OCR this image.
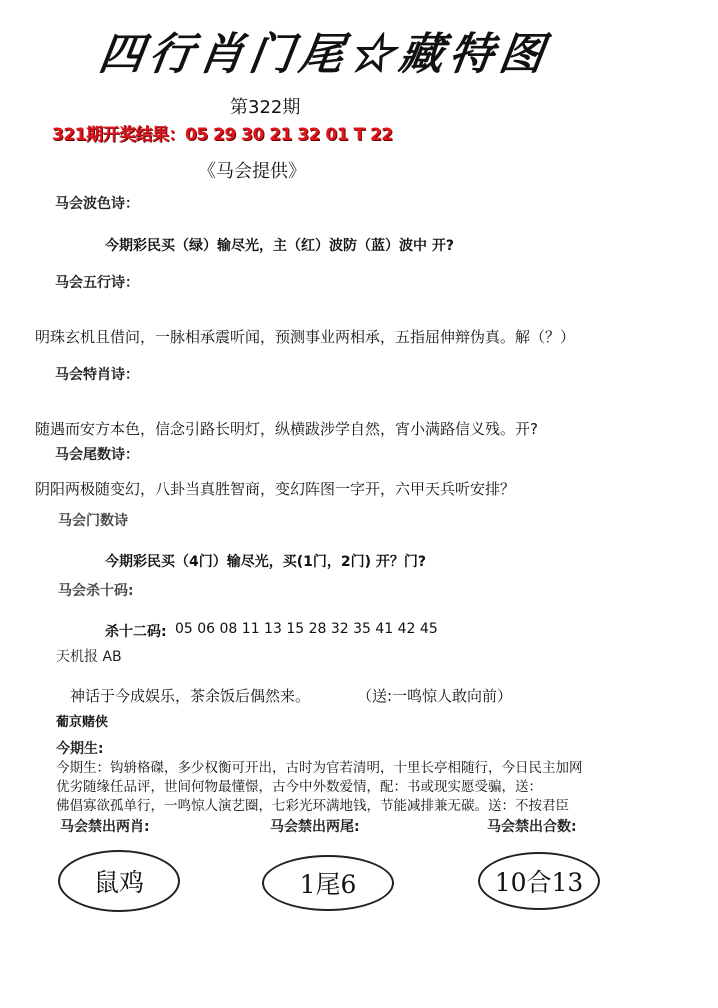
四行肖门尾☆藏特图
第322期
321期开奖结果：05 29 30 21 32 01 T 22
《马会提供》
马会波色诗：
今期彩民买（绿）输尽光，主（红）波防（蓝）波中 开?
马会五行诗：
明珠玄机且借问，一脉相承震听闻，预测事业两相承，五指屈伸辩伪真。解（？）
马会特肖诗：
随遇而安方本色，信念引路长明灯，纵横跋涉学自然，宵小满路信义残。开?
马会尾数诗：
阴阳两极随变幻，八卦当真胜智商，变幻阵图一字开，六甲天兵听安排？
马会门数诗
今期彩民买（4门）输尽光，买(1门，2门) 开？门?
马会杀十码:
杀十二码: 05 06 08 11 13 15 28 32 35 41 42 45
天机报 AB
神话于今成娱乐，茶余饭后偶然来。	（送:一鸣惊人敢向前）
葡京赌侠
今期生:
今期生：钩辀格磔，多少权衡可开出，古时为官若清明，十里长亭相随行，今日民主加网
优劣随缘任品评，世间何物最懂憬，古今中外数爱情，配：书或现实愿受骗，送：
佛倡寡欲孤单行，一鸣惊人演艺圈，七彩光环满地钱，节能减排兼无碳。送：不按君臣
马会禁出两肖:	马会禁出两尾:	马会禁出合数:
鼠鸡	1尾6	10合13
